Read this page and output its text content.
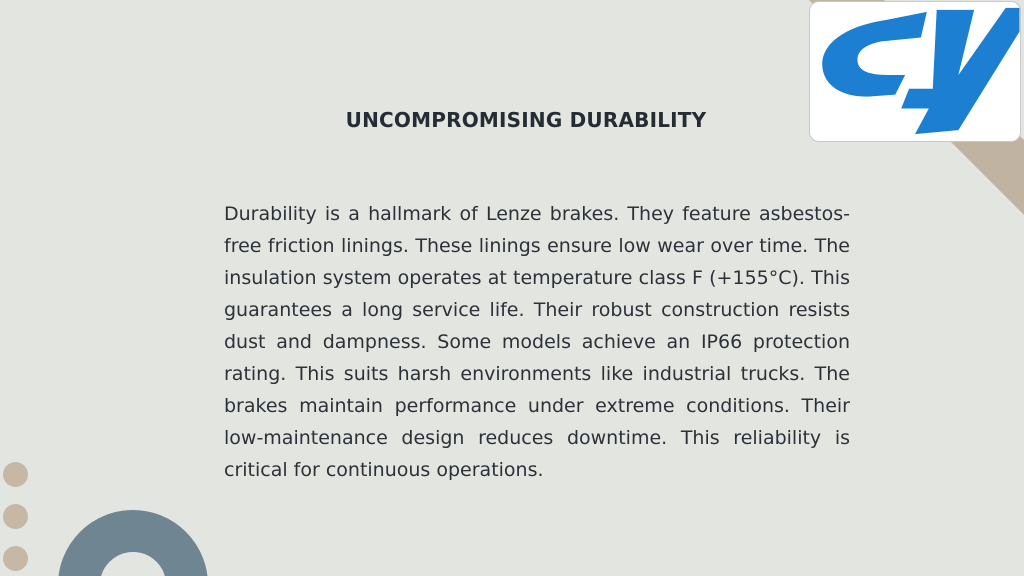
UNCOMPROMISING DURABILITY

Durability is a hallmark of Lenze brakes. They feature asbestos-free friction linings. These linings ensure low wear over time. The insulation system operates at temperature class F (+155°C). This guarantees a long service life. Their robust construction resists dust and dampness. Some models achieve an IP66 protection rating. This suits harsh environments like industrial trucks. The brakes maintain performance under extreme conditions. Their low-maintenance design reduces downtime. This reliability is critical for continuous operations.
